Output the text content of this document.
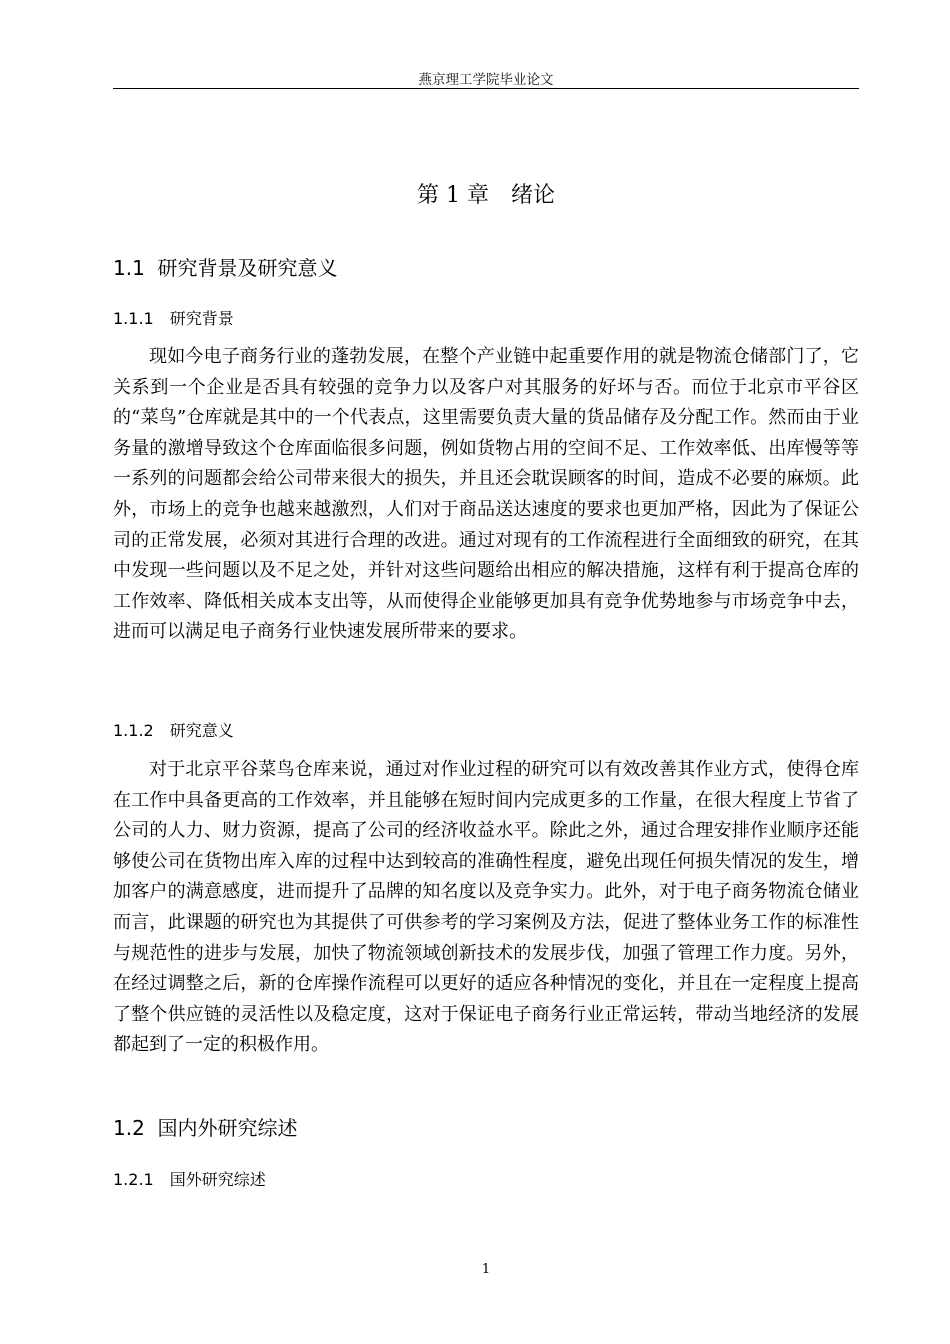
燕京理工学院毕业论文
第 1 章　绪论
1.1  研究背景及研究意义
1.1.1　研究背景

现如今电子商务行业的蓬勃发展，在整个产业链中起重要作用的就是物流仓储部门了，它关系到一个企业是否具有较强的竞争力以及客户对其服务的好坏与否。而位于北京市平谷区的“菜鸟”仓库就是其中的一个代表点，这里需要负责大量的货品储存及分配工作。然而由于业务量的激增导致这个仓库面临很多问题，例如货物占用的空间不足、工作效率低、出库慢等等一系列的问题都会给公司带来很大的损失，并且还会耽误顾客的时间，造成不必要的麻烦。此外，市场上的竞争也越来越激烈，人们对于商品送达速度的要求也更加严格，因此为了保证公司的正常发展，必须对其进行合理的改进。通过对现有的工作流程进行全面细致的研究，在其中发现一些问题以及不足之处，并针对这些问题给出相应的解决措施，这样有利于提高仓库的工作效率、降低相关成本支出等，从而使得企业能够更加具有竞争优势地参与市场竞争中去，进而可以满足电子商务行业快速发展所带来的要求。

1.1.2　研究意义

对于北京平谷菜鸟仓库来说，通过对作业过程的研究可以有效改善其作业方式，使得仓库在工作中具备更高的工作效率，并且能够在短时间内完成更多的工作量，在很大程度上节省了公司的人力、财力资源，提高了公司的经济收益水平。除此之外，通过合理安排作业顺序还能够使公司在货物出库入库的过程中达到较高的准确性程度，避免出现任何损失情况的发生，增加客户的满意感度，进而提升了品牌的知名度以及竞争实力。此外，对于电子商务物流仓储业而言，此课题的研究也为其提供了可供参考的学习案例及方法，促进了整体业务工作的标准性与规范性的进步与发展，加快了物流领域创新技术的发展步伐，加强了管理工作力度。另外，在经过调整之后，新的仓库操作流程可以更好的适应各种情况的变化，并且在一定程度上提高了整个供应链的灵活性以及稳定度，这对于保证电子商务行业正常运转，带动当地经济的发展都起到了一定的积极作用。

1.2  国内外研究综述
1.2.1　国外研究综述
1
